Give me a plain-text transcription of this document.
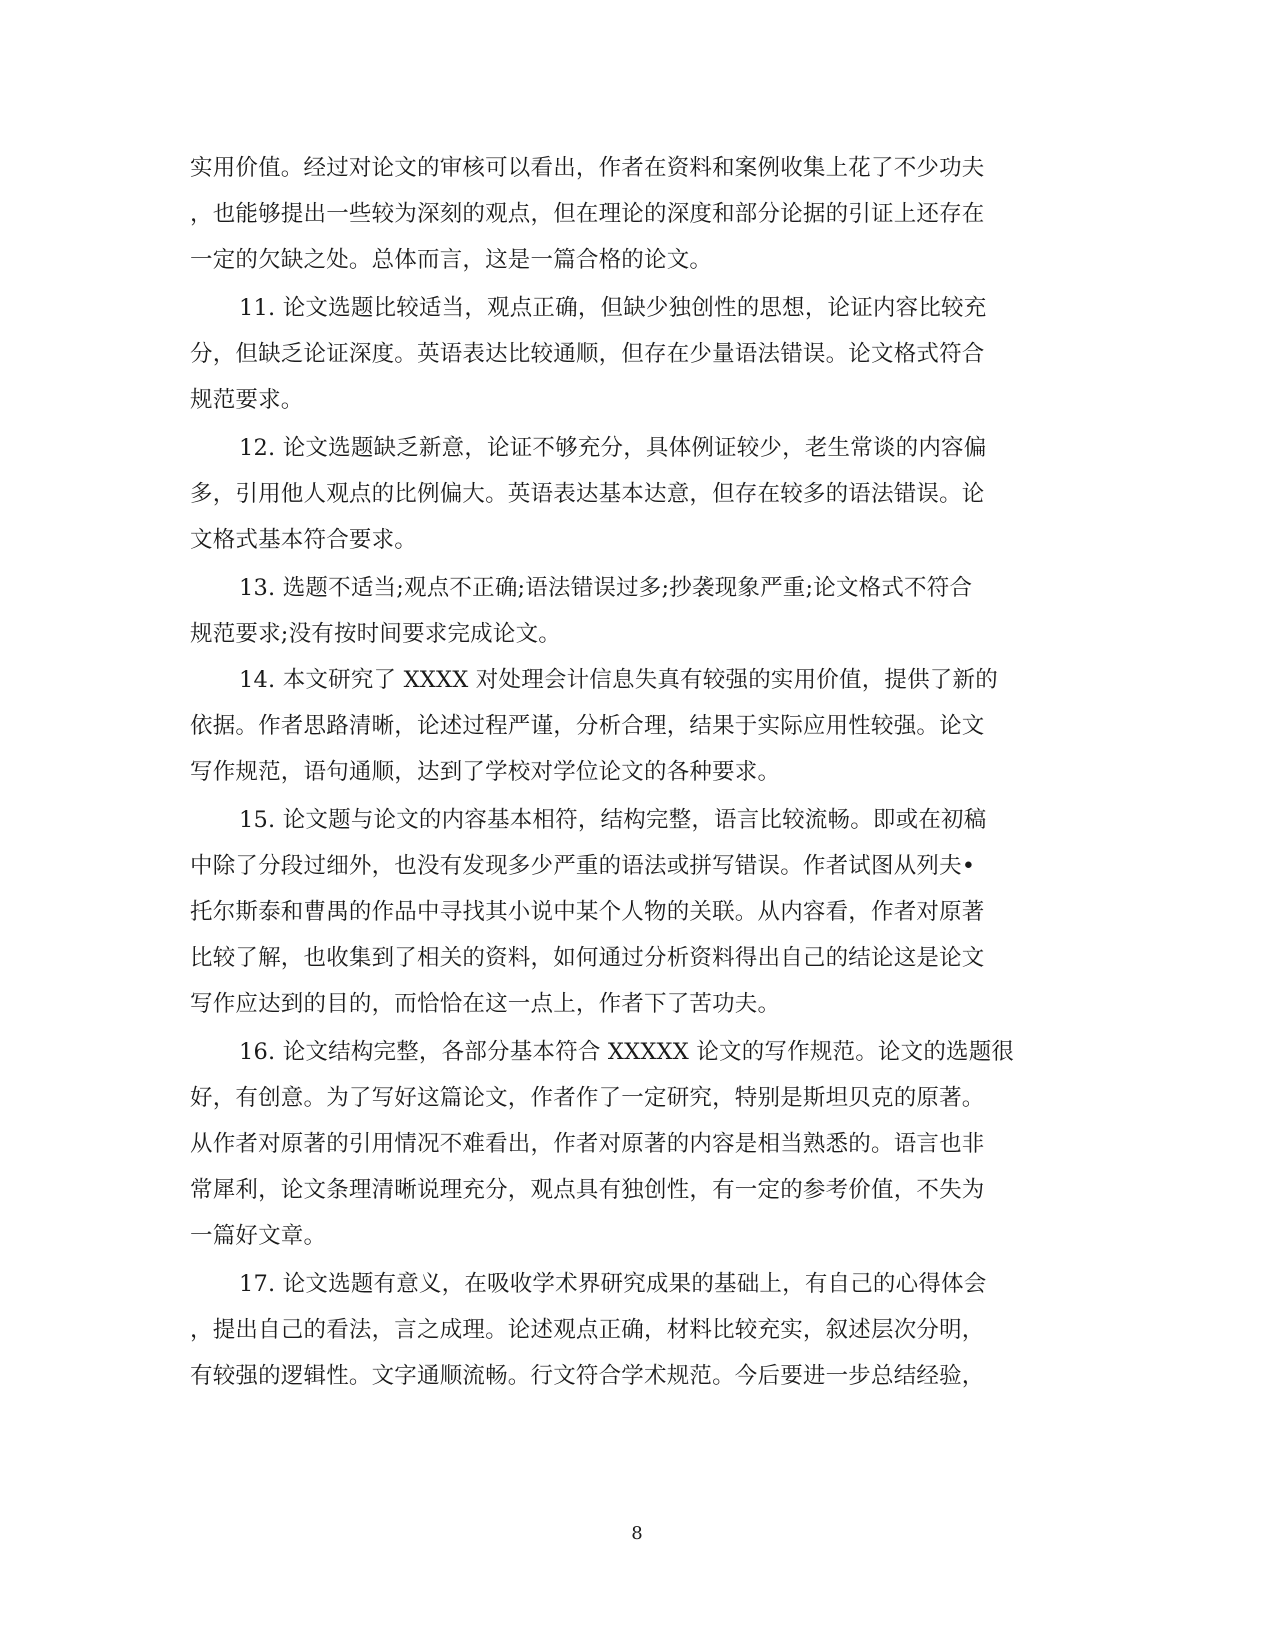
实用价值。经过对论文的审核可以看出，作者在资料和案例收集上花了不少功夫
，也能够提出一些较为深刻的观点，但在理论的深度和部分论据的引证上还存在
一定的欠缺之处。总体而言，这是一篇合格的论文。
11. 论文选题比较适当，观点正确，但缺少独创性的思想，论证内容比较充
分，但缺乏论证深度。英语表达比较通顺，但存在少量语法错误。论文格式符合
规范要求。
12. 论文选题缺乏新意，论证不够充分，具体例证较少，老生常谈的内容偏
多，引用他人观点的比例偏大。英语表达基本达意，但存在较多的语法错误。论
文格式基本符合要求。
13. 选题不适当;观点不正确;语法错误过多;抄袭现象严重;论文格式不符合
规范要求;没有按时间要求完成论文。
14. 本文研究了 XXXX 对处理会计信息失真有较强的实用价值，提供了新的
依据。作者思路清晰，论述过程严谨，分析合理，结果于实际应用性较强。论文
写作规范，语句通顺，达到了学校对学位论文的各种要求。
15. 论文题与论文的内容基本相符，结构完整，语言比较流畅。即或在初稿
中除了分段过细外，也没有发现多少严重的语法或拼写错误。作者试图从列夫•
托尔斯泰和曹禺的作品中寻找其小说中某个人物的关联。从内容看，作者对原著
比较了解，也收集到了相关的资料，如何通过分析资料得出自己的结论这是论文
写作应达到的目的，而恰恰在这一点上，作者下了苦功夫。
16. 论文结构完整，各部分基本符合 XXXXX 论文的写作规范。论文的选题很
好，有创意。为了写好这篇论文，作者作了一定研究，特别是斯坦贝克的原著。
从作者对原著的引用情况不难看出，作者对原著的内容是相当熟悉的。语言也非
常犀利，论文条理清晰说理充分，观点具有独创性，有一定的参考价值，不失为
一篇好文章。
17. 论文选题有意义，在吸收学术界研究成果的基础上，有自己的心得体会
，提出自己的看法，言之成理。论述观点正确，材料比较充实，叙述层次分明，
有较强的逻辑性。文字通顺流畅。行文符合学术规范。今后要进一步总结经验，
8
